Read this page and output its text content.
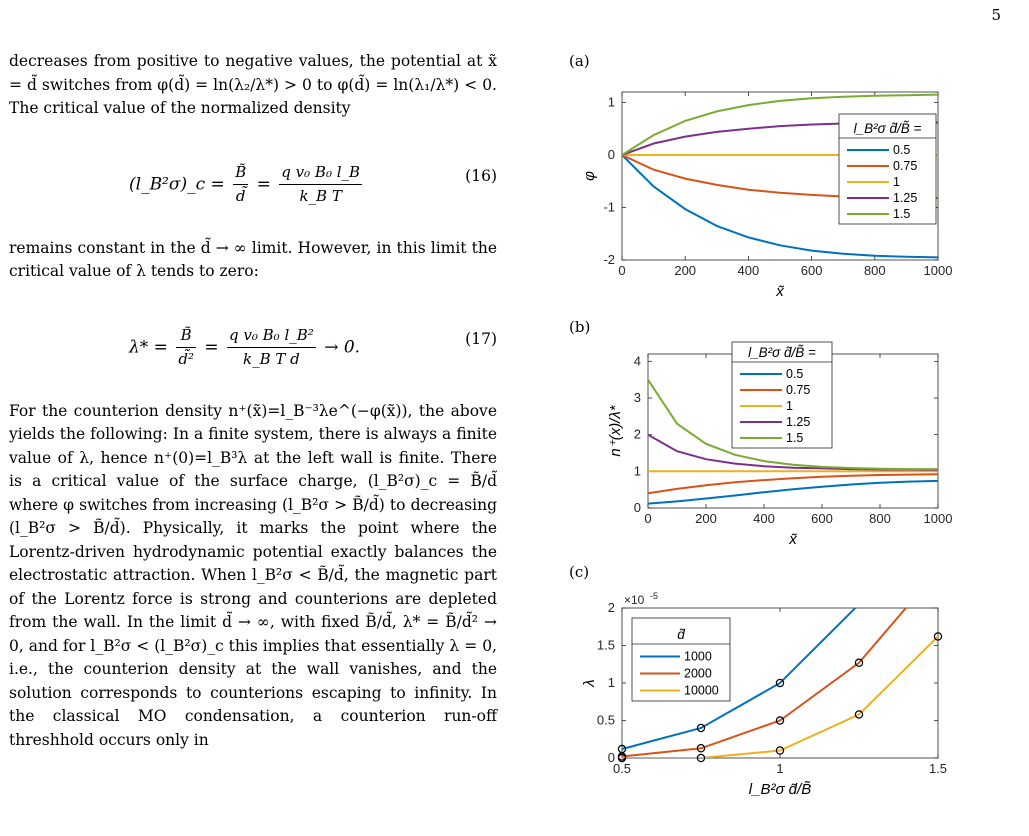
5

decreases from positive to negative values, the potential at x̃ = d̃ switches from φ(d̃) = ln(λ₂/λ*) > 0 to φ(d̃) = ln(λ₁/λ*) < 0. The critical value of the normalized density

(l_B²σ)_c = $\frac{B̃}{d̃} = \frac{\text{q v₀ B₀ l\_B}}{\text{k\_B T}}$	(16)

remains constant in the d̃ → ∞ limit. However, in this limit the critical value of λ tends to zero:

$\lambda* = \frac{B̃}{\text{d̃²}} = \frac{\text{q v₀ B₀ l\_B²}}{\text{k\_B T d}} \to 0$.	(17)

For the counterion density n⁺(x̃)=l_B⁻³λe^(−φ(x̃)), the above yields the following: In a finite system, there is always a finite value of λ, hence n⁺(0)=l_B³λ at the left wall is finite. There is a critical value of the surface charge, (l_B²σ)_c = B̃/d̃ where φ switches from increasing (l_B²σ > B̃/d̃) to decreasing (l_B²σ > B̃/d̃). Physically, it marks the point where the Lorentz-driven hydrodynamic potential exactly balances the electrostatic attraction. When l_B²σ < B̃/d̃, the magnetic part of the Lorentz force is strong and counterions are depleted from the wall. In the limit d̃ → ∞, with fixed B̃/d̃, λ* = B̃/d̃² → 0, and for l_B²σ < (l_B²σ)_c this implies that essentially λ = 0, i.e., the counterion density at the wall vanishes, and the solution corresponds to counterions escaping to infinity. In the classical MO condensation, a counterion run-off threshhold occurs only in

(a)
(b)
(c)
0	200	400	600	800	1000
-2
-1
0
1
x̃
φ
l_B²σ d̃/B̃ =
0.5
0.75
1
1.25
1.5
0	200	400	600	800	1000
0
1
2
3
4
x̃
n⁺(x)/λ*
l_B²σ d̃/B̃ =
0.5
0.75
1
1.25
1.5
0.5	1	1.5
0
0.5
1
1.5
2
l_B²σ d̃/B̃
λ
×10 -5
d̃
1000
2000
10000
